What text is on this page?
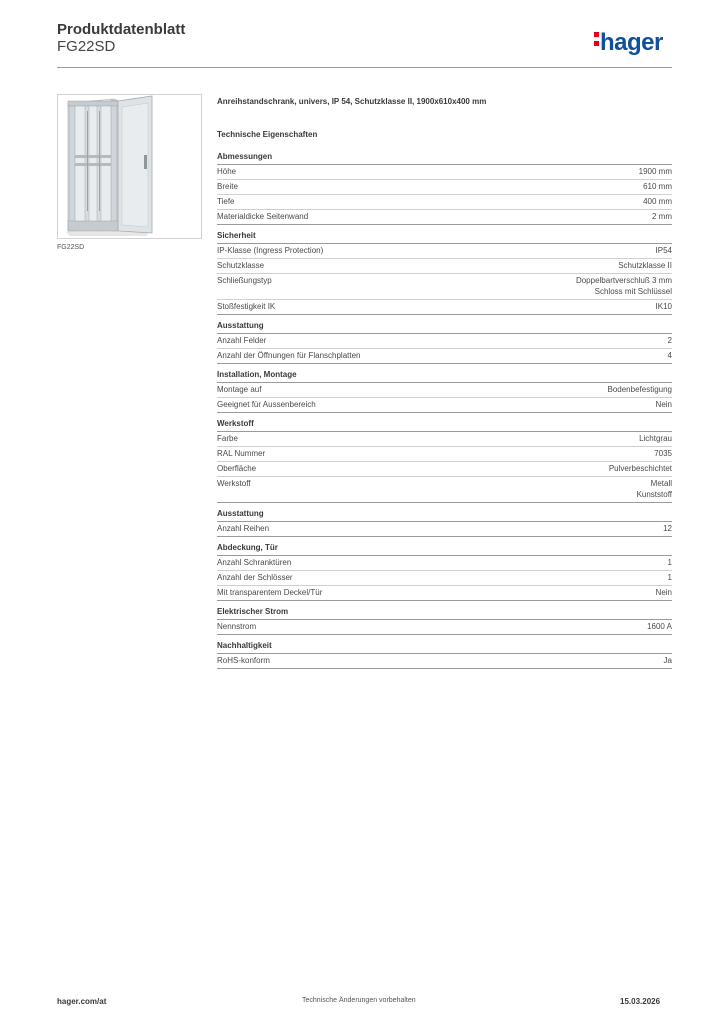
Produktdatenblatt
FG22SD	hager
FG22SD
Anreihstandschrank, univers, IP 54, Schutzklasse II, 1900x610x400 mm
Technische Eigenschaften
Abmessungen
Höhe	1900 mm
Breite	610 mm
Tiefe	400 mm
Materialdicke Seitenwand	2 mm
Sicherheit
IP-Klasse (Ingress Protection)	IP54
Schutzklasse	Schutzklasse II
Schließungstyp	Doppelbartverschluß 3 mm
Schloss mit Schlüssel
Stoßfestigkeit IK	IK10
Ausstattung
Anzahl Felder	2
Anzahl der Öffnungen für Flanschplatten	4
Installation, Montage
Montage auf	Bodenbefestigung
Geeignet für Aussenbereich	Nein
Werkstoff
Farbe	Lichtgrau
RAL Nummer	7035
Oberfläche	Pulverbeschichtet
Werkstoff	Metall
Kunststoff
Ausstattung
Anzahl Reihen	12
Abdeckung, Tür
Anzahl Schranktüren	1
Anzahl der Schlösser	1
Mit transparentem Deckel/Tür	Nein
Elektrischer Strom
Nennstrom	1600 A
Nachhaltigkeit
RoHS-konform	Ja
hager.com/at	Technische Änderungen vorbehalten	15.03.2026
